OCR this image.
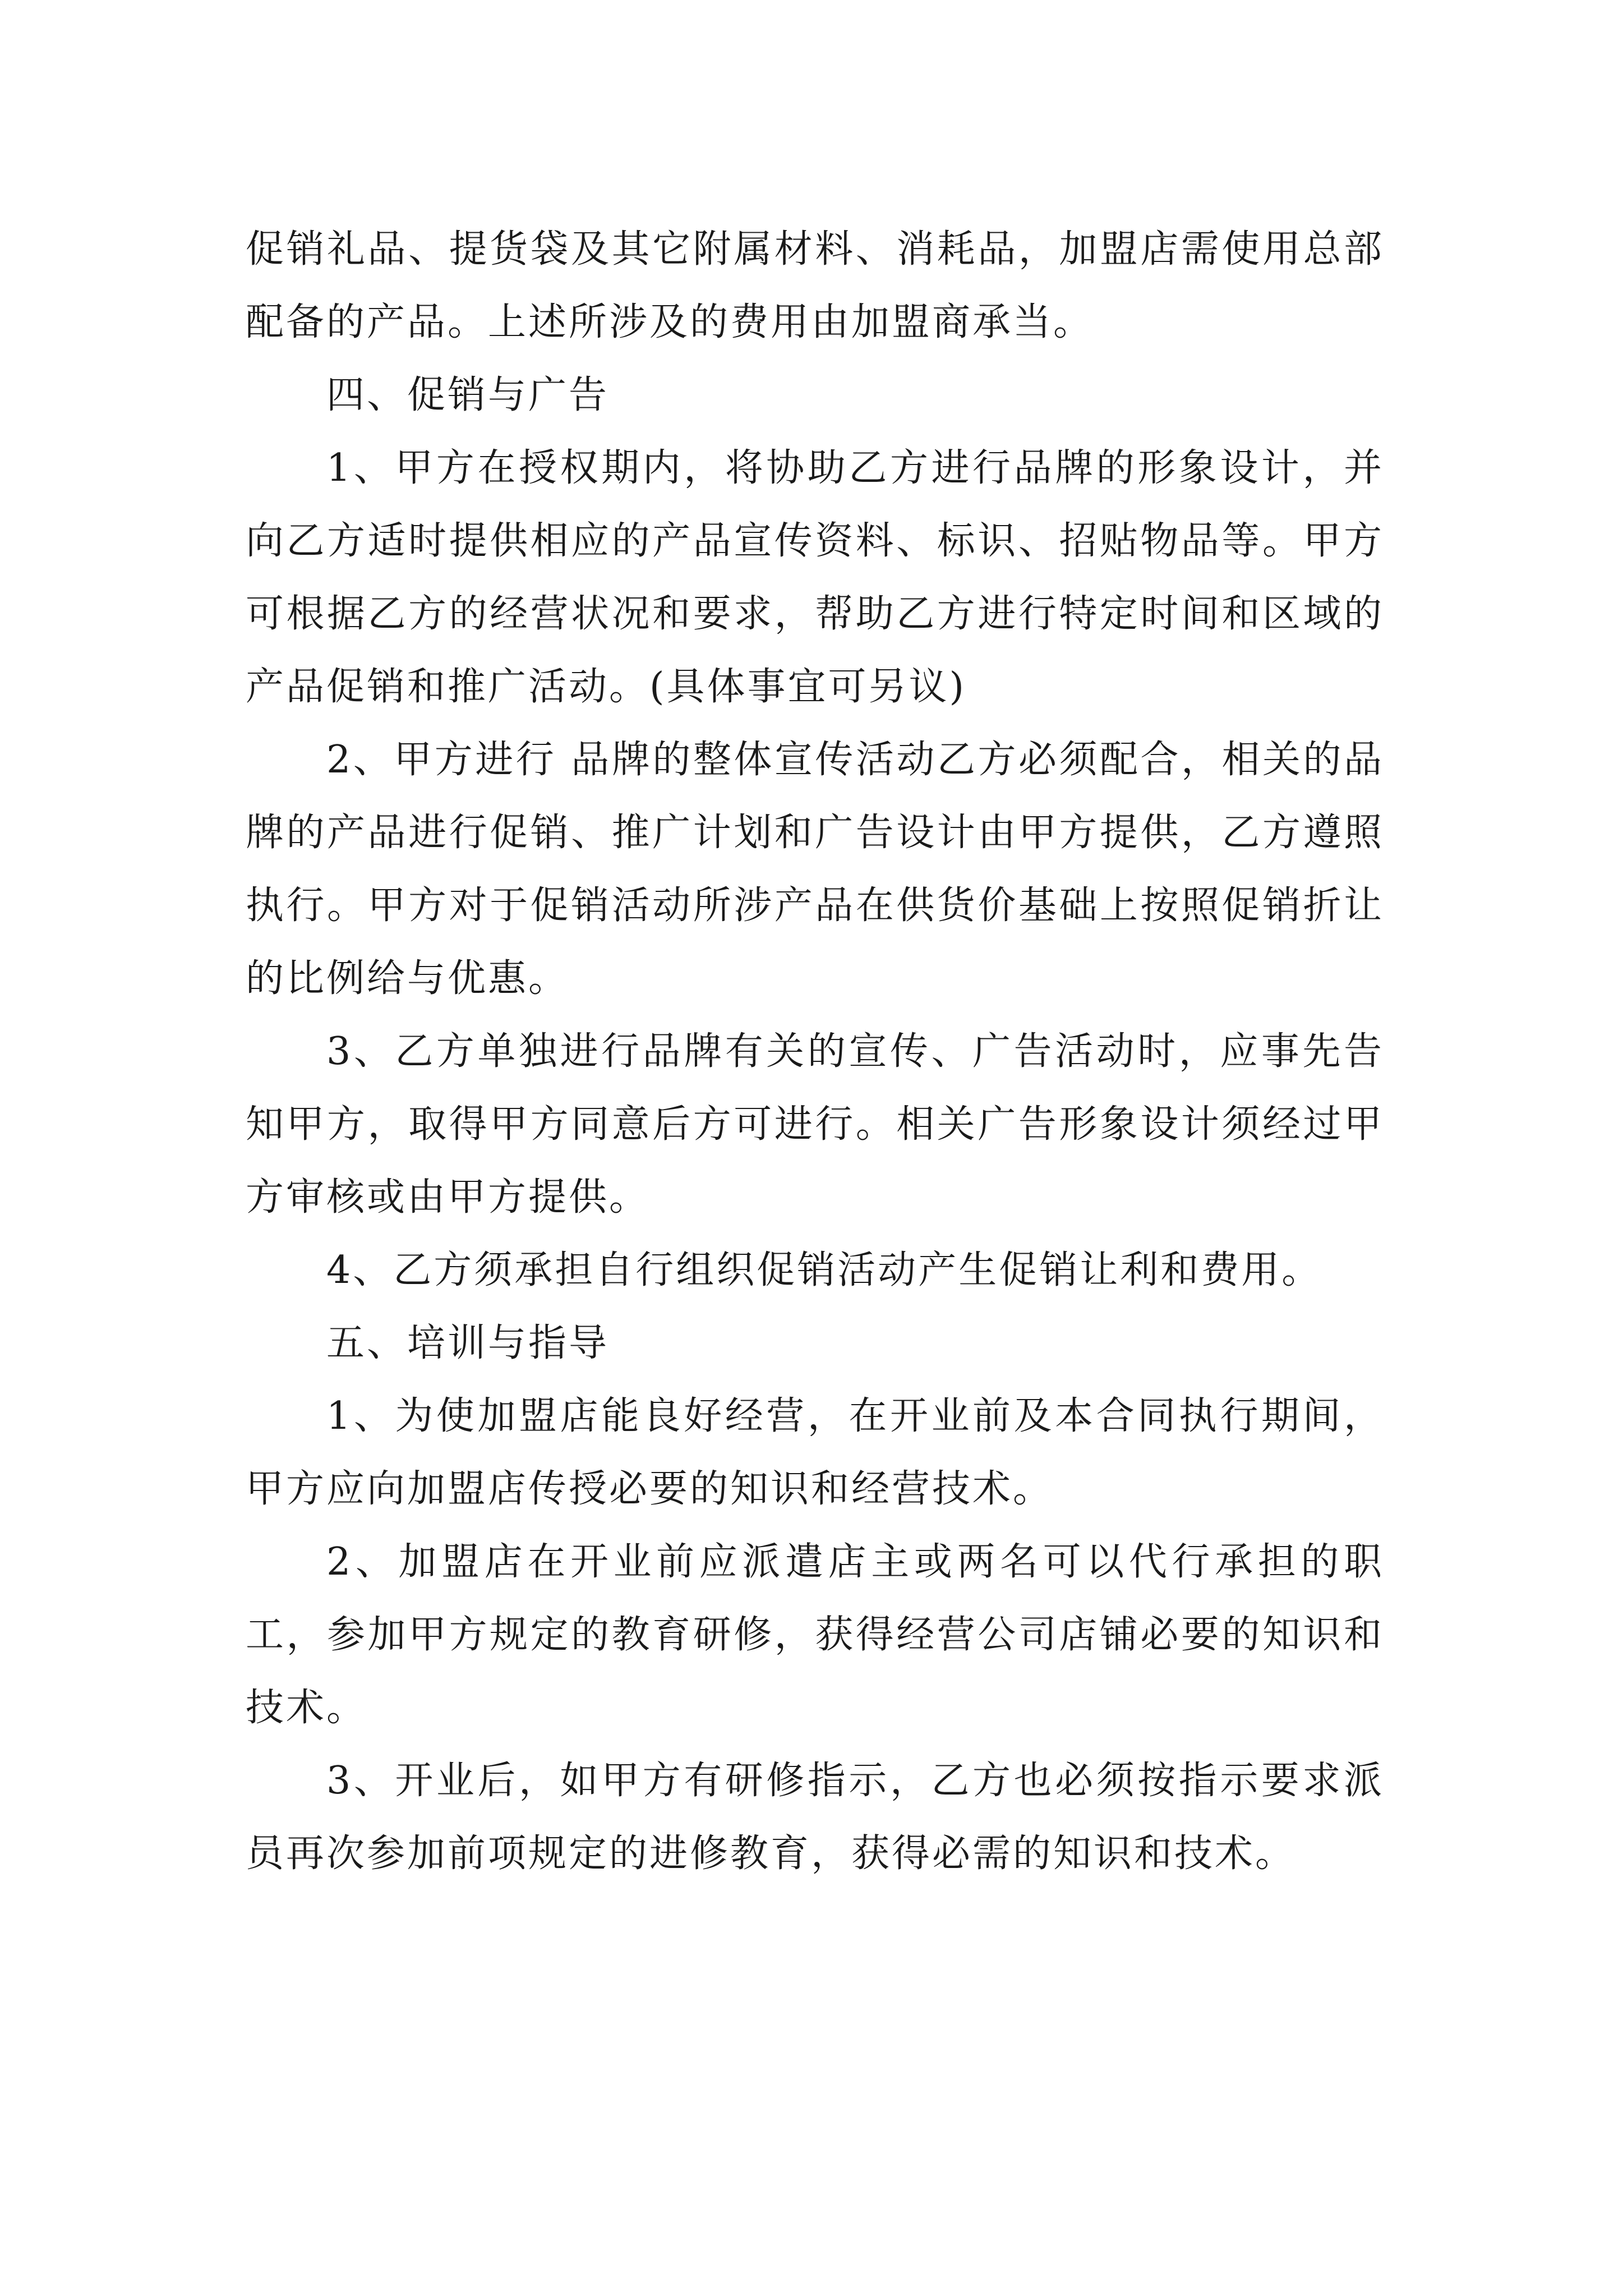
促销礼品、提货袋及其它附属材料、消耗品，加盟店需使用总部配备的产品。上述所涉及的费用由加盟商承当。

四、促销与广告

1、甲方在授权期内，将协助乙方进行品牌的形象设计，并向乙方适时提供相应的产品宣传资料、标识、招贴物品等。甲方可根据乙方的经营状况和要求，帮助乙方进行特定时间和区域的产品促销和推广活动。(具体事宜可另议)

2、甲方进行 品牌的整体宣传活动乙方必须配合，相关的品牌的产品进行促销、推广计划和广告设计由甲方提供，乙方遵照执行。甲方对于促销活动所涉产品在供货价基础上按照促销折让的比例给与优惠。

3、乙方单独进行品牌有关的宣传、广告活动时，应事先告知甲方，取得甲方同意后方可进行。相关广告形象设计须经过甲方审核或由甲方提供。

4、乙方须承担自行组织促销活动产生促销让利和费用。

五、培训与指导

1、为使加盟店能良好经营，在开业前及本合同执行期间，甲方应向加盟店传授必要的知识和经营技术。

2、加盟店在开业前应派遣店主或两名可以代行承担的职工，参加甲方规定的教育研修，获得经营公司店铺必要的知识和技术。

3、开业后，如甲方有研修指示，乙方也必须按指示要求派员再次参加前项规定的进修教育，获得必需的知识和技术。
